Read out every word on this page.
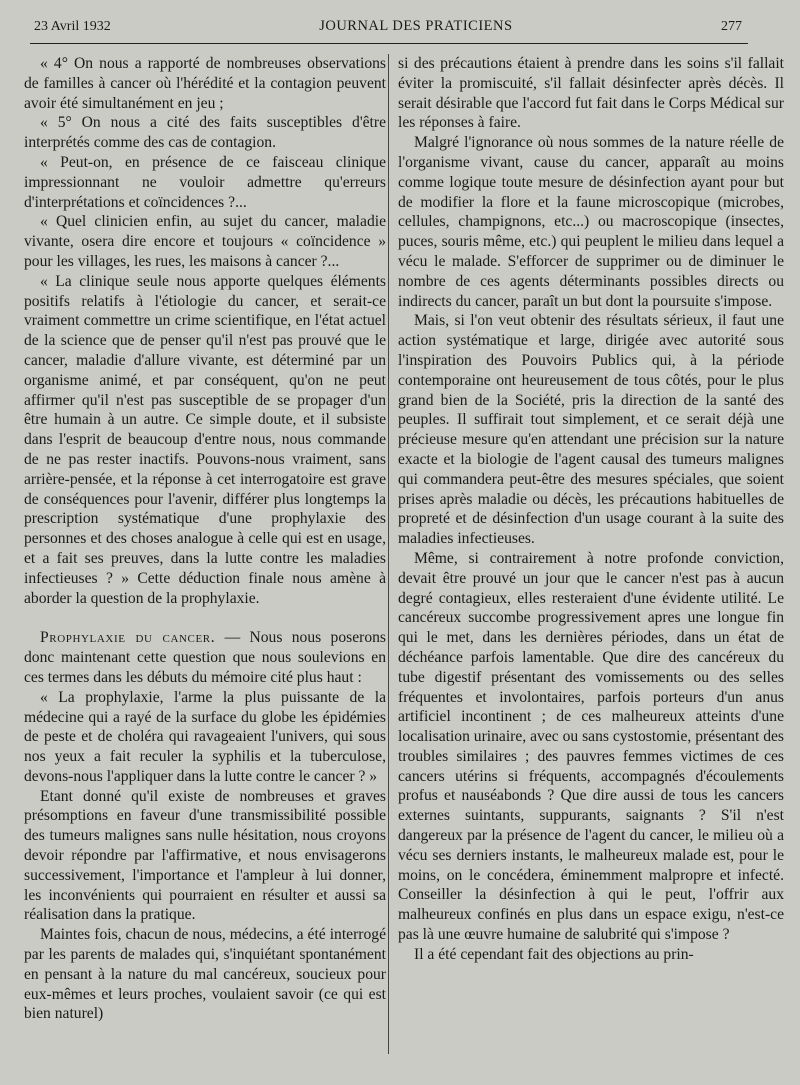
23 Avril 1932	JOURNAL DES PRATICIENS	277

« 4° On nous a rapporté de nombreuses observations de familles à cancer où l'hérédité et la contagion peuvent avoir été simultanément en jeu ;

« 5° On nous a cité des faits susceptibles d'être interprétés comme des cas de contagion.

« Peut-on, en présence de ce faisceau clinique impressionnant ne vouloir admettre qu'erreurs d'interprétations et coïncidences ?...

« Quel clinicien enfin, au sujet du cancer, maladie vivante, osera dire encore et toujours « coïncidence » pour les villages, les rues, les maisons à cancer ?...

« La clinique seule nous apporte quelques éléments positifs relatifs à l'étiologie du cancer, et serait-ce vraiment commettre un crime scientifique, en l'état actuel de la science que de penser qu'il n'est pas prouvé que le cancer, maladie d'allure vivante, est déterminé par un organisme animé, et par conséquent, qu'on ne peut affirmer qu'il n'est pas susceptible de se propager d'un être humain à un autre. Ce simple doute, et il subsiste dans l'esprit de beaucoup d'entre nous, nous commande de ne pas rester inactifs. Pouvons-nous vraiment, sans arrière-pensée, et la réponse à cet interrogatoire est grave de conséquences pour l'avenir, différer plus longtemps la prescription systématique d'une prophylaxie des personnes et des choses analogue à celle qui est en usage, et a fait ses preuves, dans la lutte contre les maladies infectieuses ? » Cette déduction finale nous amène à aborder la question de la prophylaxie.

Prophylaxie du cancer. — Nous nous poserons donc maintenant cette question que nous soulevions en ces termes dans les débuts du mémoire cité plus haut :

« La prophylaxie, l'arme la plus puissante de la médecine qui a rayé de la surface du globe les épidémies de peste et de choléra qui ravageaient l'univers, qui sous nos yeux a fait reculer la syphilis et la tuberculose, devons-nous l'appliquer dans la lutte contre le cancer ? »

Etant donné qu'il existe de nombreuses et graves présomptions en faveur d'une transmissibilité possible des tumeurs malignes sans nulle hésitation, nous croyons devoir répondre par l'affirmative, et nous envisagerons successivement, l'importance et l'ampleur à lui donner, les inconvénients qui pourraient en résulter et aussi sa réalisation dans la pratique.

Maintes fois, chacun de nous, médecins, a été interrogé par les parents de malades qui, s'inquiétant spontanément en pensant à la nature du mal cancéreux, soucieux pour eux-mêmes et leurs proches, voulaient savoir (ce qui est bien naturel)

si des précautions étaient à prendre dans les soins s'il fallait éviter la promiscuité, s'il fallait désinfecter après décès. Il serait désirable que l'accord fut fait dans le Corps Médical sur les réponses à faire.

Malgré l'ignorance où nous sommes de la nature réelle de l'organisme vivant, cause du cancer, apparaît au moins comme logique toute mesure de désinfection ayant pour but de modifier la flore et la faune microscopique (microbes, cellules, champignons, etc...) ou macroscopique (insectes, puces, souris même, etc.) qui peuplent le milieu dans lequel a vécu le malade. S'efforcer de supprimer ou de diminuer le nombre de ces agents déterminants possibles directs ou indirects du cancer, paraît un but dont la poursuite s'impose.

Mais, si l'on veut obtenir des résultats sérieux, il faut une action systématique et large, dirigée avec autorité sous l'inspiration des Pouvoirs Publics qui, à la période contemporaine ont heureusement de tous côtés, pour le plus grand bien de la Société, pris la direction de la santé des peuples. Il suffirait tout simplement, et ce serait déjà une précieuse mesure qu'en attendant une précision sur la nature exacte et la biologie de l'agent causal des tumeurs malignes qui commandera peut-être des mesures spéciales, que soient prises après maladie ou décès, les précautions habituelles de propreté et de désinfection d'un usage courant à la suite des maladies infectieuses.

Même, si contrairement à notre profonde conviction, devait être prouvé un jour que le cancer n'est pas à aucun degré contagieux, elles resteraient d'une évidente utilité. Le cancéreux succombe progressivement apres une longue fin qui le met, dans les dernières périodes, dans un état de déchéance parfois lamentable. Que dire des cancéreux du tube digestif présentant des vomissements ou des selles fréquentes et involontaires, parfois porteurs d'un anus artificiel incontinent ; de ces malheureux atteints d'une localisation urinaire, avec ou sans cystostomie, présentant des troubles similaires ; des pauvres femmes victimes de ces cancers utérins si fréquents, accompagnés d'écoulements profus et nauséabonds ? Que dire aussi de tous les cancers externes suintants, suppurants, saignants ? S'il n'est dangereux par la présence de l'agent du cancer, le milieu où a vécu ses derniers instants, le malheureux malade est, pour le moins, on le concédera, éminemment malpropre et infecté. Conseiller la désinfection à qui le peut, l'offrir aux malheureux confinés en plus dans un espace exigu, n'est-ce pas là une œuvre humaine de salubrité qui s'impose ?

Il a été cependant fait des objections au prin-
